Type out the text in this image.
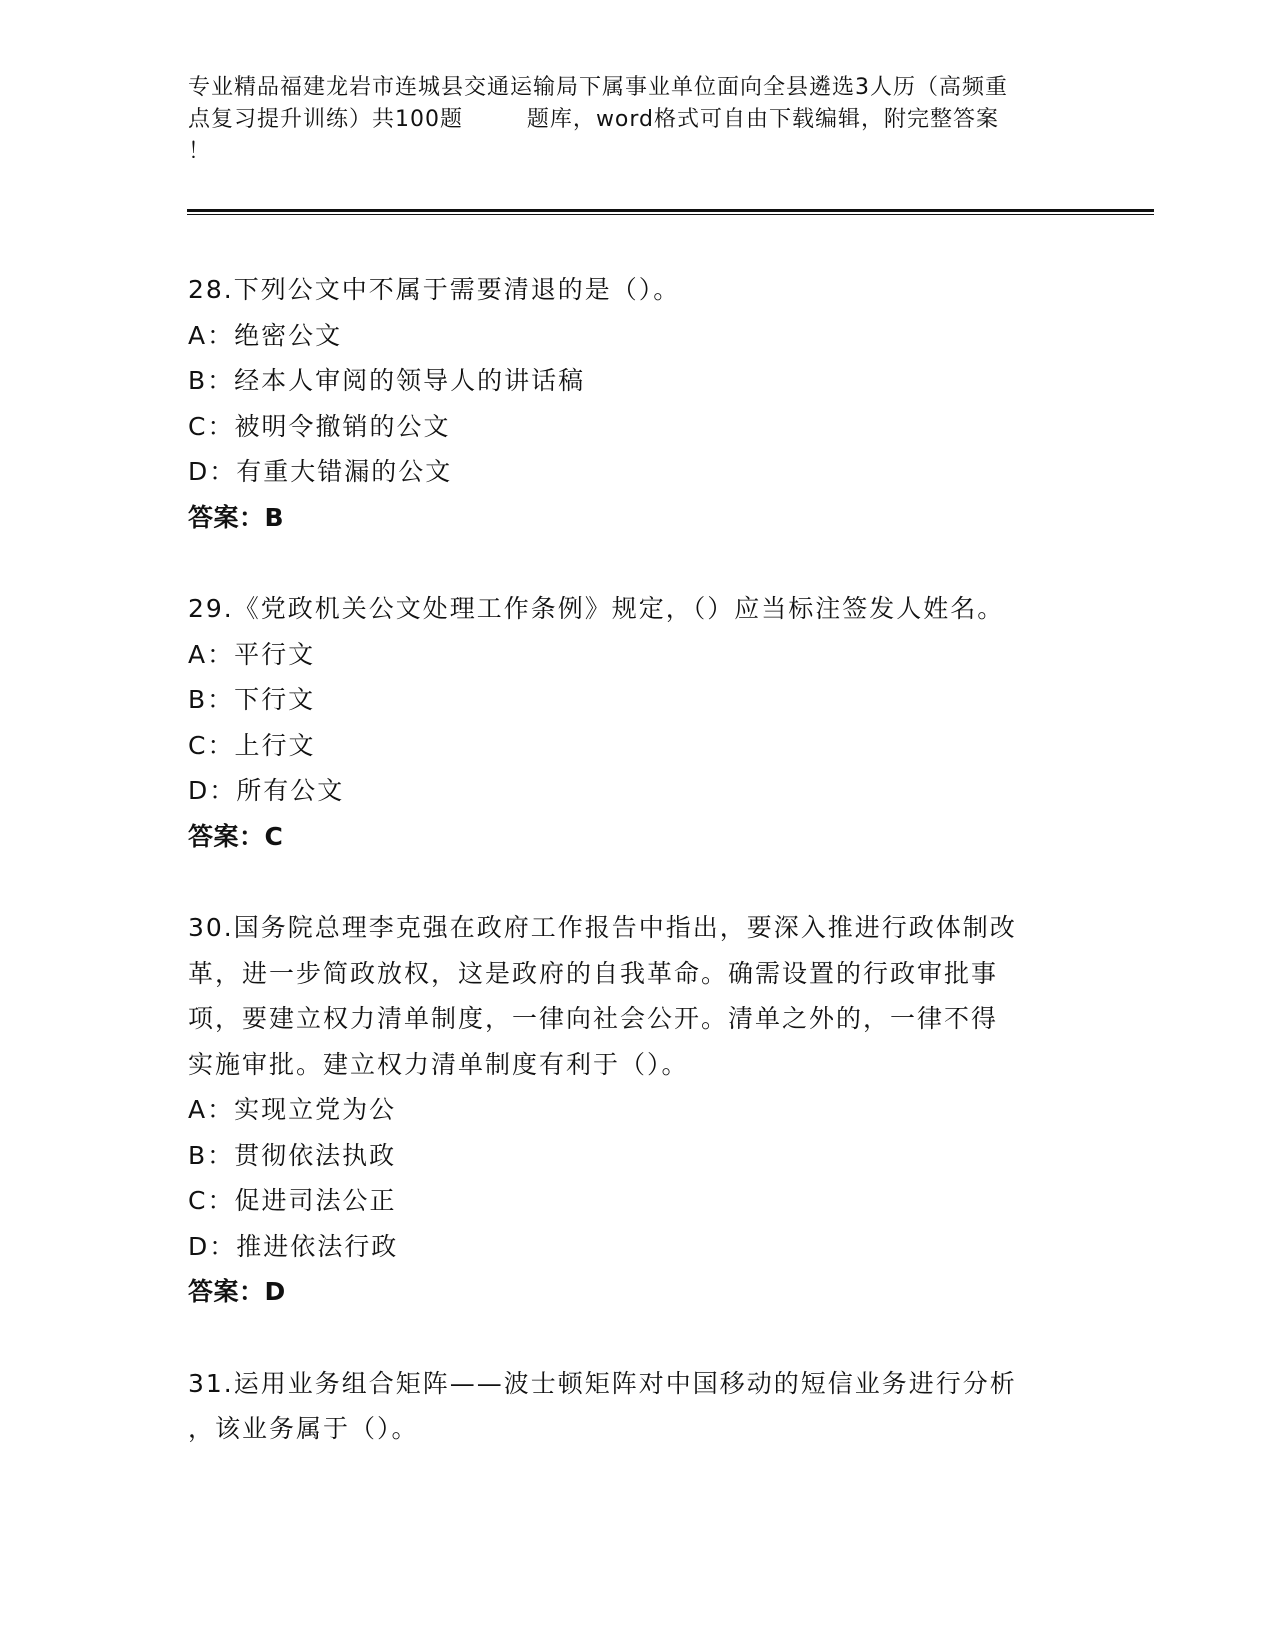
专业精品福建龙岩市连城县交通运输局下属事业单位面向全县遴选3人历（高频重
点复习提升训练）共100题        题库，word格式可自由下载编辑，附完整答案
！
28.下列公文中不属于需要清退的是（）。
A：绝密公文
B：经本人审阅的领导人的讲话稿
C：被明令撤销的公文
D：有重大错漏的公文
答案：B
29.《党政机关公文处理工作条例》规定，（）应当标注签发人姓名。
A：平行文
B：下行文
C：上行文
D：所有公文
答案：C
30.国务院总理李克强在政府工作报告中指出，要深入推进行政体制改
革，进一步简政放权，这是政府的自我革命。确需设置的行政审批事
项，要建立权力清单制度，一律向社会公开。清单之外的，一律不得
实施审批。建立权力清单制度有利于（）。
A：实现立党为公
B：贯彻依法执政
C：促进司法公正
D：推进依法行政
答案：D
31.运用业务组合矩阵——波士顿矩阵对中国移动的短信业务进行分析
，该业务属于（）。
